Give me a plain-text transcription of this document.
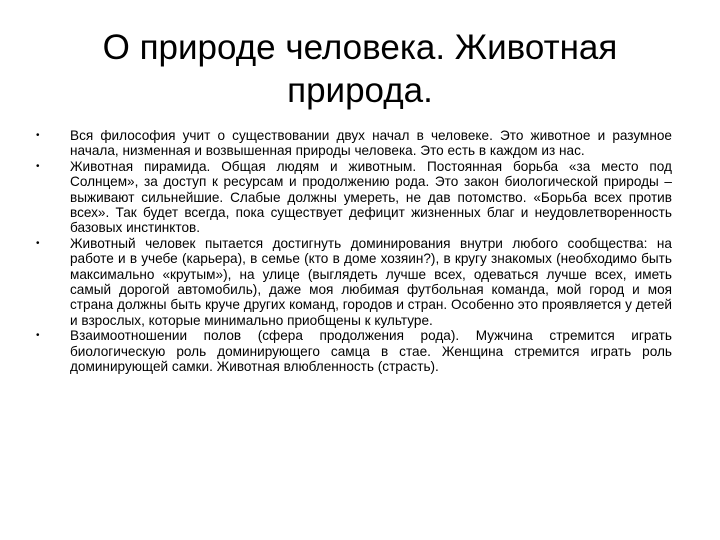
О природе человека. Животная
природа.
•	Вся философия учит о существовании двух начал в человеке. Это животное и разумное начала, низменная и возвышенная природы человека. Это есть в каждом из нас.
•	Животная пирамида. Общая людям и животным. Постоянная борьба «за место под Солнцем», за доступ к ресурсам и продолжению рода. Это закон биологической природы – выживают сильнейшие. Слабые должны умереть, не дав потомство. «Борьба всех против всех». Так будет всегда, пока существует дефицит жизненных благ и неудовлетворенность базовых инстинктов.
•	Животный человек пытается достигнуть доминирования внутри любого сообщества: на работе и в учебе (карьера), в семье (кто в доме хозяин?), в кругу знакомых (необходимо быть максимально «крутым»), на улице (выглядеть лучше всех, одеваться лучше всех, иметь самый дорогой автомобиль), даже моя любимая футбольная команда, мой город и моя страна должны быть круче других команд, городов и стран. Особенно это проявляется у детей и взрослых, которые минимально приобщены к культуре.
•	Взаимоотношении полов (сфера продолжения рода). Мужчина стремится играть биологическую роль доминирующего самца в стае. Женщина стремится играть роль доминирующей самки. Животная влюбленность (страсть).
